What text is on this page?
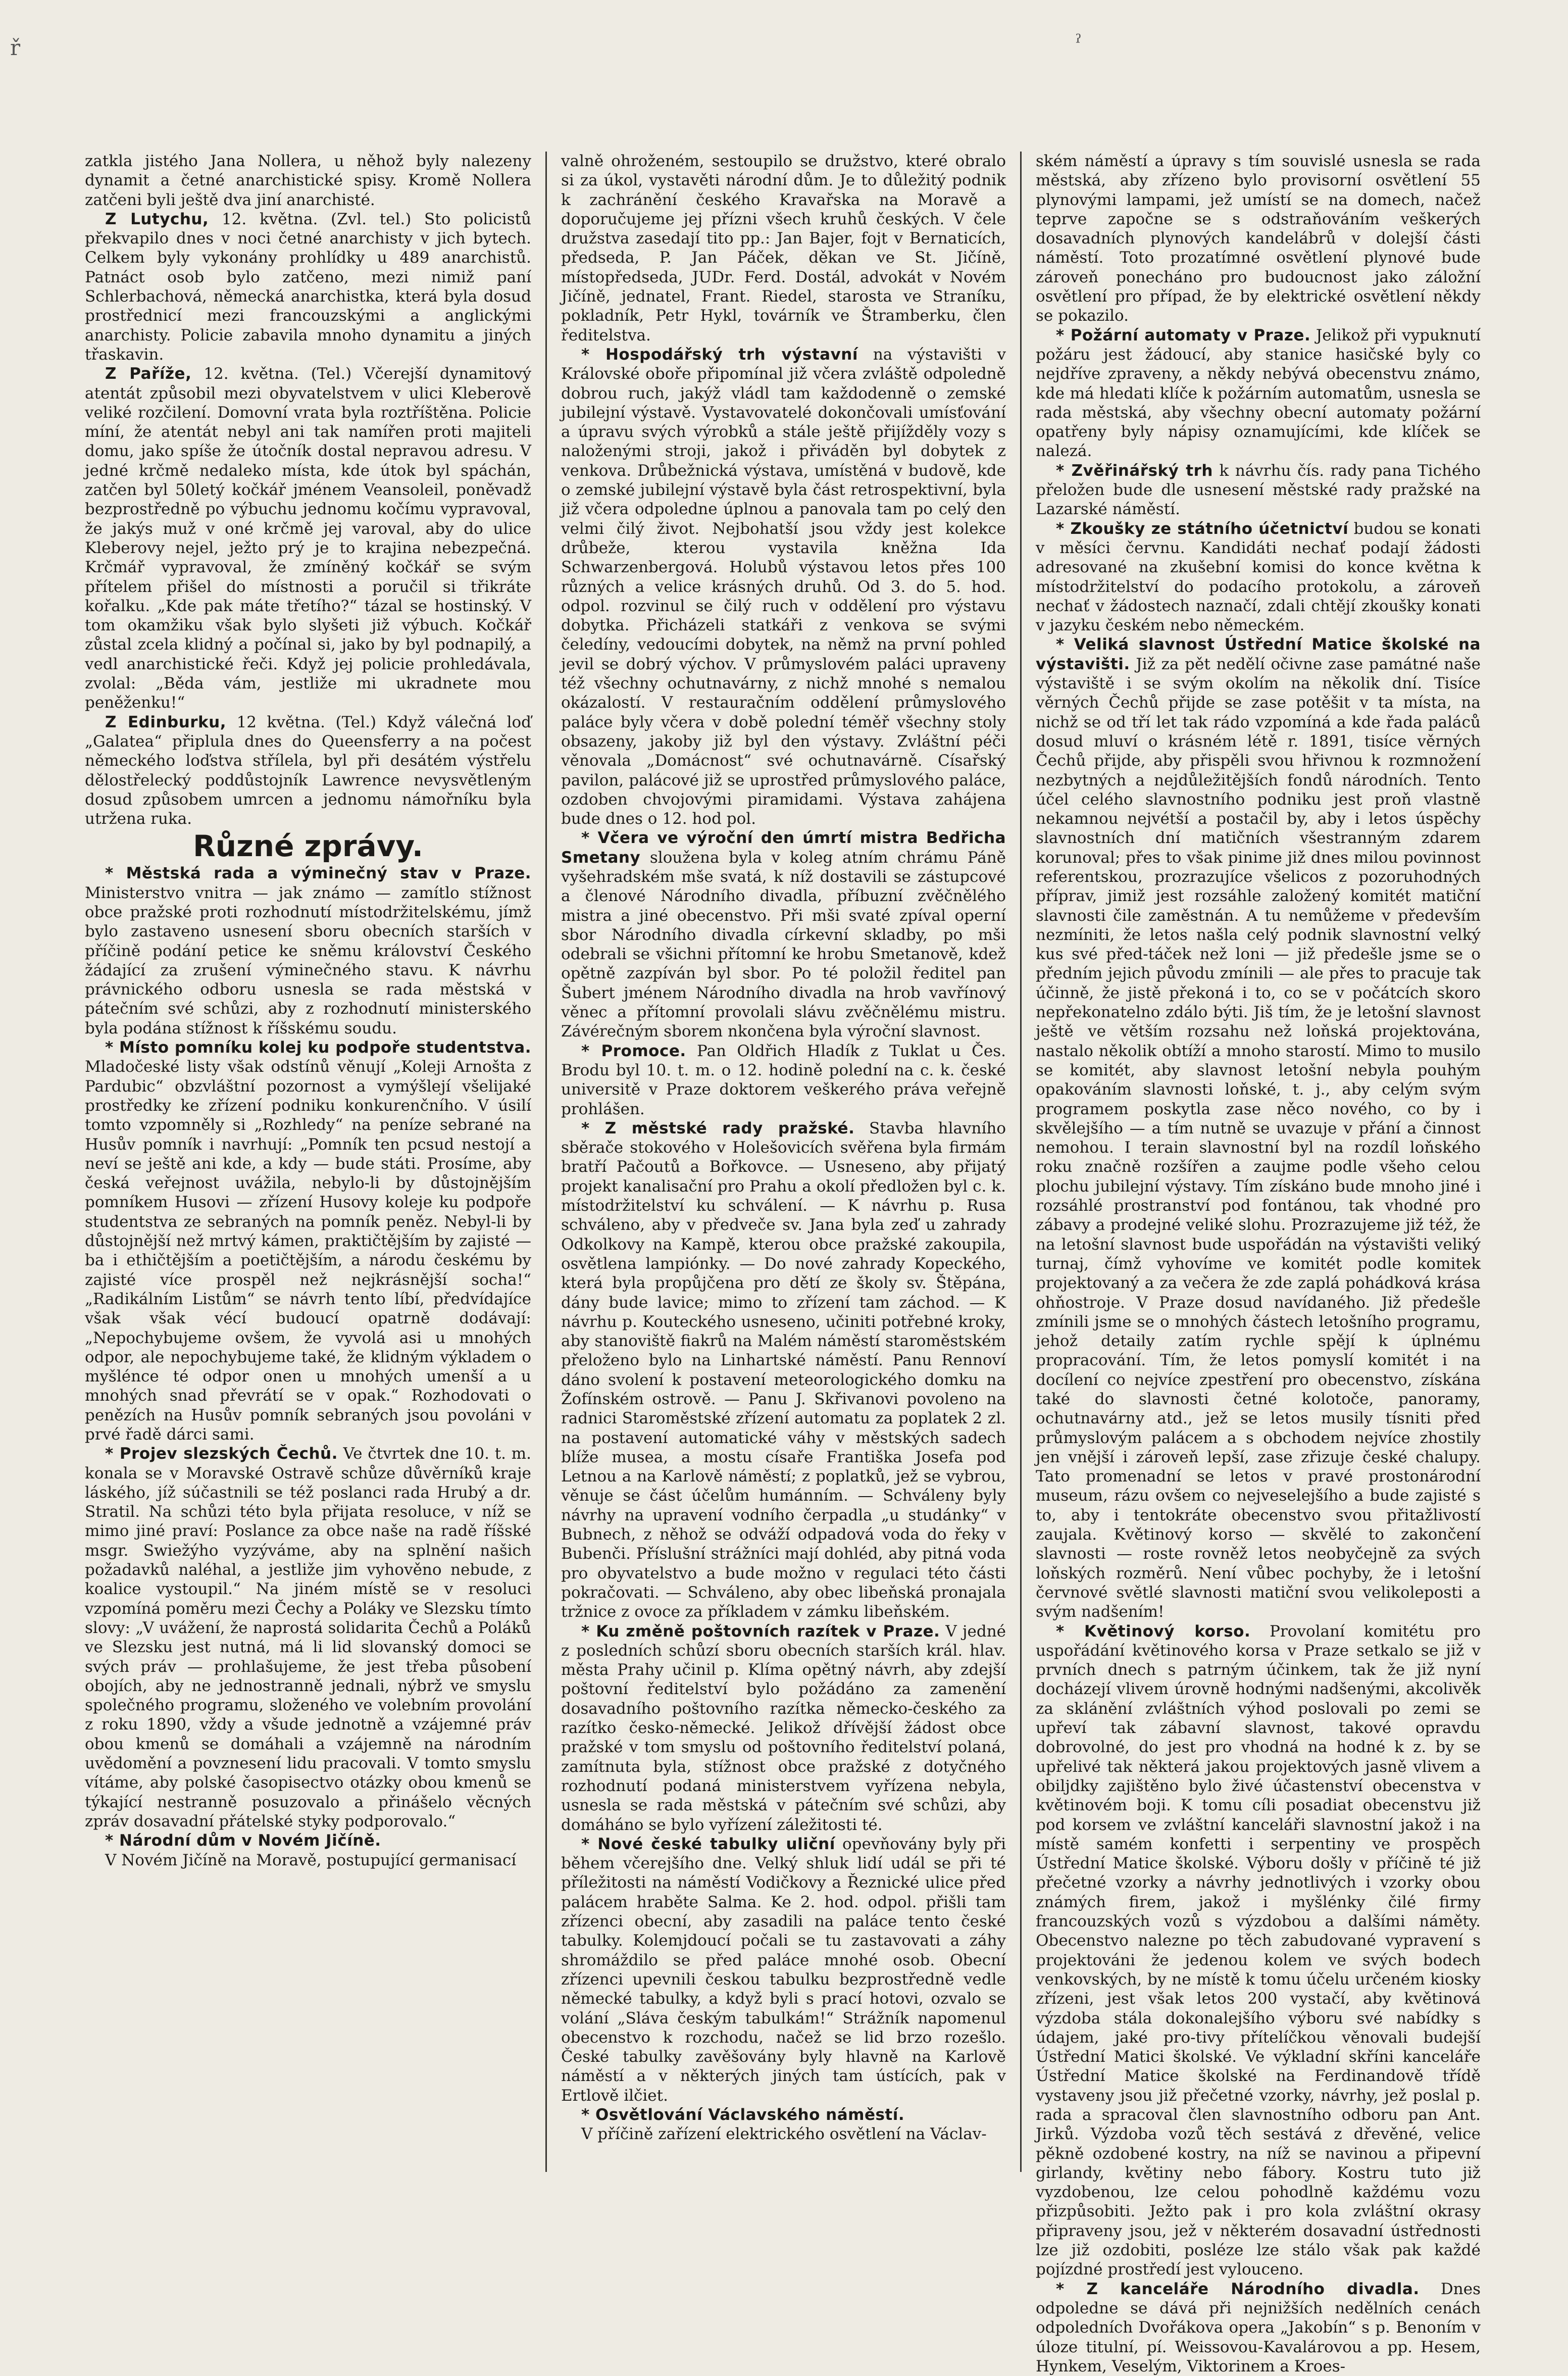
ř	ˀ

zatkla jistého Jana Nollera, u něhož byly nalezeny dynamit a četné anarchistické spisy. Kromě Nollera zatčeni byli ještě dva jiní anarchisté.

Z Lutychu, 12. května. (Zvl. tel.) Sto policistů překvapilo dnes v noci četné anarchisty v jich bytech. Celkem byly vykonány prohlídky u 489 anarchistů. Patnáct osob bylo zatčeno, mezi nimiž paní Schlerbachová, německá anarchistka, která byla dosud prostřednicí mezi francouzskými a anglickými anarchisty. Policie zabavila mnoho dynamitu a jiných třaskavin.

Z Paříže, 12. května. (Tel.) Včerejší dynamitový atentát způsobil mezi obyvatelstvem v ulici Kleberově veliké rozčilení. Domovní vrata byla roztříštěna. Policie míní, že atentát nebyl ani tak namířen proti majiteli domu, jako spíše že útočník dostal nepravou adresu. V jedné krčmě nedaleko místa, kde útok byl spáchán, zatčen byl 50letý kočkář jménem Veansoleil, poněvadž bezprostředně po výbuchu jednomu kočímu vypravoval, že jakýs muž v oné krčmě jej varoval, aby do ulice Kleberovy nejel, ježto prý je to krajina nebezpečná. Krčmář vypravoval, že zmíněný kočkář se svým přítelem přišel do místnosti a poručil si třikráte kořalku. „Kde pak máte třetího?“ tázal se hostinský. V tom okamžiku však bylo slyšeti již výbuch. Kočkář zůstal zcela klidný a počínal si, jako by byl podnapilý, a vedl anarchistické řeči. Když jej policie prohledávala, zvolal: „Běda vám, jestliže mi ukradnete mou peněženku!“

Z Edinburku, 12 května. (Tel.) Když válečná loď „Galatea“ připlula dnes do Queensferry a na počest německého loďstva střílela, byl při desátém výstřelu dělostřelecký poddůstojník Lawrence nevysvětleným dosud způsobem umrcen a jednomu námořníku byla utržena ruka.

Různé zprávy.

* Městská rada a výminečný stav v Praze. Ministerstvo vnitra — jak známo — zamítlo stížnost obce pražské proti rozhodnutí místodržitelskému, jímž bylo zastaveno usnesení sboru obecních starších v příčině podání petice ke sněmu království Českého žádající za zrušení výminečného stavu. K návrhu právnického odboru usnesla se rada městská v pátečním své schůzi, aby z rozhodnutí ministerského byla podána stížnost k říšskému soudu.

* Místo pomníku kolej ku podpoře studentstva. Mladočeské listy však odstínů věnují „Koleji Arnošta z Pardubic“ obzvláštní pozornost a vymýšlejí všelijaké prostředky ke zřízení podniku konkurenčního. V úsilí tomto vzpomněly si „Rozhledy“ na peníze sebrané na Husův pomník i navrhují: „Pomník ten pcsud nestojí a neví se ještě ani kde, a kdy — bude státi. Prosíme, aby česká veřejnost uvážila, nebylo-li by důstojnějším pomníkem Husovi — zřízení Husovy koleje ku podpoře studentstva ze sebraných na pomník peněz. Nebyl-li by důstojnější než mrtvý kámen, praktičtějším by zajisté — ba i ethičtějším a poetičtějším, a národu českému by zajisté více prospěl než nejkrásnější socha!“ „Radikálním Listům“ se návrh tento líbí, předvídajíce však však vécí budoucí opatrně dodávají: „Nepochybujeme ovšem, že vyvolá asi u mnohých odpor, ale nepochybujeme také, že klidným výkladem o myšlénce té odpor onen u mnohých umenší a u mnohých snad převrátí se v opak.“ Rozhodovati o penězích na Husův pomník sebraných jsou povoláni v prvé řadě dárci sami.

* Projev slezských Čechů. Ve čtvrtek dne 10. t. m. konala se v Moravské Ostravě schůze důvěrníků kraje láského, jíž súčastnili se též poslanci rada Hrubý a dr. Stratil. Na schůzi této byla přijata resoluce, v níž se mimo jiné praví: Poslance za obce naše na radě říšské msgr. Swiežýho vyzýváme, aby na splnění našich požadavků naléhal, a jestliže jim vyhověno nebude, z koalice vystoupil.“ Na jiném místě se v resoluci vzpomíná poměru mezi Čechy a Poláky ve Slezsku tímto slovy: „V uvážení, že naprostá solidarita Čechů a Poláků ve Slezsku jest nutná, má li lid slovanský domoci se svých práv — prohlašujeme, že jest třeba působení obojích, aby ne jednostranně jednali, nýbrž ve smyslu společného programu, složeného ve volebním provolání z roku 1890, vždy a všude jednotně a vzájemné práv obou kmenů se domáhali a vzájemně na národním uvědomění a povznesení lidu pracovali. V tomto smyslu vítáme, aby polské časopisectvo otázky obou kmenů se týkající nestranně posuzovalo a přinášelo věcných zpráv dosavadní přátelské styky podporovalo.“

* Národní dům v Novém Jičíně.

V Novém Jičíně na Moravě, postupující germanisací

valně ohroženém, sestoupilo se družstvo, které obralo si za úkol, vystavěti národní dům. Je to důležitý podnik k zachránění českého Kravařska na Moravě a doporučujeme jej přízni všech kruhů českých. V čele družstva zasedají tito pp.: Jan Bajer, fojt v Bernaticích, předseda, P. Jan Páček, děkan ve St. Jičíně, místopředseda, JUDr. Ferd. Dostál, advokát v Novém Jičíně, jednatel, Frant. Riedel, starosta ve Straníku, pokladník, Petr Hykl, továrník ve Štramberku, člen ředitelstva.

* Hospodářský trh výstavní na výstavišti v Královské oboře připomínal již včera zvláště odpoledně dobrou ruch, jakýž vládl tam každodenně o zemské jubilejní výstavě. Vystavovatelé dokončovali umísťování a úpravu svých výrobků a stále ještě přijížděly vozy s naloženými stroji, jakož i přiváděn byl dobytek z venkova. Drůbežnická výstava, umístěná v budově, kde o zemské jubilejní výstavě byla část retrospektivní, byla již včera odpoledne úplnou a panovala tam po celý den velmi čilý život. Nejbohatší jsou vždy jest kolekce drůbeže, kterou vystavila kněžna Ida Schwarzenbergová. Holubů výstavou letos přes 100 různých a velice krásných druhů. Od 3. do 5. hod. odpol. rozvinul se čilý ruch v oddělení pro výstavu dobytka. Přicházeli statkáři z venkova se svými čeledíny, vedoucími dobytek, na němž na první pohled jevil se dobrý výchov. V průmyslovém paláci upraveny též všechny ochutnavárny, z nichž mnohé s nemalou okázalostí. V restauračním oddělení průmyslového paláce byly včera v době polední téměř všechny stoly obsazeny, jakoby již byl den výstavy. Zvláštní péči věnovala „Domácnost“ své ochutnavárně. Císařský pavilon, palácové již se uprostřed průmyslového paláce, ozdoben chvojovými piramidami. Výstava zahájena bude dnes o 12. hod pol.

* Včera ve výroční den úmrtí mistra Bedřicha Smetany sloužena byla v koleg atním chrámu Páně vyšehradském mše svatá, k níž dostavili se zástupcové a členové Národního divadla, příbuzní zvěčnělého mistra a jiné obecenstvo. Při mši svaté zpíval operní sbor Národního divadla církevní skladby, po mši odebrali se všichni přítomní ke hrobu Smetanově, kdež opětně zazpíván byl sbor. Po té položil ředitel pan Šubert jménem Národního divadla na hrob vavřínový věnec a přítomní provolali slávu zvěčnělému mistru. Závérečným sborem nkončena byla výroční slavnost.

* Promoce. Pan Oldřich Hladík z Tuklat u Čes. Brodu byl 10. t. m. o 12. hodině polední na c. k. české universitě v Praze doktorem veškerého práva veřejně prohlášen.

* Z městské rady pražské. Stavba hlavního sběrače stokového v Holešovicích svěřena byla firmám bratří Pačoutů a Bořkovce. — Usneseno, aby přijatý projekt kanalisační pro Prahu a okolí předložen byl c. k. místodržitelství ku schválení. — K návrhu p. Rusa schváleno, aby v předveče sv. Jana byla zeď u zahrady Odkolkovy na Kampě, kterou obce pražské zakoupila, osvětlena lampiónky. — Do nové zahrady Kopeckého, která byla propůjčena pro dětí ze školy sv. Štěpána, dány bude lavice; mimo to zřízení tam záchod. — K návrhu p. Kouteckého usneseno, učiniti potřebné kroky, aby stanoviště fiakrů na Malém náměstí staroměstském přeloženo bylo na Linhartské náměstí. Panu Rennoví dáno svolení k postavení meteorologického domku na Žofínském ostrově. — Panu J. Skřivanovi povoleno na radnici Staroměstské zřízení automatu za poplatek 2 zl. na postavení automatické váhy v městských sadech blíže musea, a mostu císaře Františka Josefa pod Letnou a na Karlově náměstí; z poplatků, jež se vybrou, věnuje se část účelům humánním. — Schváleny byly návrhy na upravení vodního čerpadla „u studánky“ v Bubnech, z něhož se odváží odpadová voda do řeky v Bubenči. Příslušní strážníci mají dohléd, aby pitná voda pro obyvatelstvo a bude možno v regulaci této části pokračovati. — Schváleno, aby obec libeňská pronajala tržnice z ovoce za příkladem v zámku libeňském.

* Ku změně poštovních razítek v Praze. V jedné z posledních schůzí sboru obecních starších král. hlav. města Prahy učinil p. Klíma opětný návrh, aby zdejší poštovní ředitelství bylo požádáno za zamenění dosavadního poštovního razítka německo-českého za razítko česko-německé. Jelikož dřívější žádost obce pražské v tom smyslu od poštovního ředitelství polaná, zamítnuta byla, stížnost obce pražské z dotyčného rozhodnutí podaná ministerstvem vyřízena nebyla, usnesla se rada městská v pátečním své schůzi, aby domáháno se bylo vyřízení záležitosti té.

* Nové české tabulky uliční opevňovány byly při během včerejšího dne. Velký shluk lidí udál se při té příležitosti na náměstí Vodičkovy a Řeznické ulice před palácem hraběte Salma. Ke 2. hod. odpol. přišli tam zřízenci obecní, aby zasadili na paláce tento české tabulky. Kolemjdoucí počali se tu zastavovati a záhy shromáždilo se před paláce mnohé osob. Obecní zřízenci upevnili českou tabulku bezprostředně vedle německé tabulky, a když byli s prací hotovi, ozvalo se volání „Sláva českým tabulkám!“ Strážník napomenul obecenstvo k rozchodu, načež se lid brzo rozešlo. České tabulky zavěšovány byly hlavně na Karlově náměstí a v některých jiných tam ústících, pak v Ertlově ilčiet.

* Osvětlování Václavského náměstí.

V příčině zařízení elektrického osvětlení na Václav-

ském náměstí a úpravy s tím souvislé usnesla se rada městská, aby zřízeno bylo provisorní osvětlení 55 plynovými lampami, jež umístí se na domech, načež teprve započne se s odstraňováním veškerých dosavadních plynových kandelábrů v dolejší části náměstí. Toto prozatímné osvětlení plynové bude zároveň ponecháno pro budoucnost jako záložní osvětlení pro případ, že by elektrické osvětlení někdy se pokazilo.

* Požární automaty v Praze. Jelikož při vypuknutí požáru jest žádoucí, aby stanice hasičské byly co nejdříve zpraveny, a někdy nebývá obecenstvu známo, kde má hledati klíče k požárním automatům, usnesla se rada městská, aby všechny obecní automaty požární opatřeny byly nápisy oznamujícími, kde klíček se nalezá.

* Zvěřinářský trh k návrhu čís. rady pana Tichého přeložen bude dle usnesení městské rady pražské na Lazarské náměstí.

* Zkoušky ze státního účetnictví budou se konati v měsíci červnu. Kandidáti nechať podají žádosti adresované na zkušební komisi do konce května k místodržitelství do podacího protokolu, a zároveň nechať v žádostech naznačí, zdali chtějí zkoušky konati v jazyku českém nebo německém.

* Veliká slavnost Ústřední Matice školské na výstavišti. Již za pět nedělí očivne zase památné naše výstaviště i se svým okolím na několik dní. Tisíce věrných Čechů přijde se zase potěšit v ta místa, na nichž se od tří let tak rádo vzpomíná a kde řada paláců dosud mluví o krásném létě r. 1891, tisíce věrných Čechů přijde, aby přispěli svou hřivnou k rozmnožení nezbytných a nejdůležitějších fondů národních. Tento účel celého slavnostního podniku jest proň vlastně nekamnou nejvétší a postačil by, aby i letos úspěchy slavnostních dní matičních všestranným zdarem korunoval; přes to však pinime již dnes milou povinnost referentskou, prozrazujíce všelicos z pozoruhodných příprav, jimiž jest rozsáhle založený komitét matiční slavnosti čile zaměstnán. A tu nemůžeme v především nezmíniti, že letos našla celý podnik slavnostní velký kus své před-táček než loni — již předešle jsme se o předním jejich původu zmínili — ale přes to pracuje tak účinně, že jistě překoná i to, co se v počátcích skoro nepřekonatelno zdálo býti. Jiš tím, že je letošní slavnost ještě ve větším rozsahu než loňská projektována, nastalo několik obtíží a mnoho starostí. Mimo to musilo se komitét, aby slavnost letošní nebyla pouhým opakováním slavnosti loňské, t. j., aby celým svým programem poskytla zase něco nového, co by i skvělejšího — a tím nutně se uvazuje v přání a činnost nemohou. I terain slavnostní byl na rozdíl loňského roku značně rozšířen a zaujme podle všeho celou plochu jubilejní výstavy. Tím získáno bude mnoho jiné i rozsáhlé prostranství pod fontánou, tak vhodné pro zábavy a prodejné veliké slohu. Prozrazujeme již též, že na letošní slavnost bude uspořádán na výstavišti veliký turnaj, čímž vyhovíme ve komitét podle komitek projektovaný a za večera že zde zaplá pohádková krása ohňostroje. V Praze dosud navídaného. Již předešle zmínili jsme se o mnohých částech letošního programu, jehož detaily zatím rychle spějí k úplnému propracování. Tím, že letos pomyslí komitét i na docílení co nejvíce zpestření pro obecenstvo, získána také do slavnosti četné kolotoče, panoramy, ochutnavárny atd., jež se letos musily tísniti před průmyslovým palácem a s obchodem nejvíce zhostily jen vnější i zároveň lepší, zase zřizuje české chalupy. Tato promenadní se letos v pravé prostonárodní museum, rázu ovšem co nejveselejšího a bude zajisté s to, aby i tentokráte obecenstvo svou přitažlivostí zaujala. Květinový korso — skvělé to zakončení slavnosti — roste rovněž letos neobyčejně za svých loňských rozměrů. Není vůbec pochyby, že i letošní červnové světlé slavnosti matiční svou velikoleposti a svým nadšením!

* Květinový korso. Provolaní komitétu pro uspořádání květinového korsa v Praze setkalo se již v prvních dnech s patrným účinkem, tak že již nyní docházejí vlivem úrovně hodnými nadšenými, akcolivěk za sklánění zvláštních výhod poslovali po zemi se upřeví tak zábavní slavnost, takové opravdu dobrovolné, do jest pro vhodná na hodné k z. by se upřelivé tak některá jakou projektových jasně vlivem a obiljdky zajištěno bylo živé účastenství obecenstva v květinovém boji. K tomu cíli posadiat obecenstvu již pod korsem ve zvláštní kanceláři slavnostní jakož i na místě samém konfetti i serpentiny ve prospěch Ústřední Matice školské. Výboru došly v příčině té již přečetné vzorky a návrhy jednotlivých i vzorky obou známých firem, jakož i myšlénky čilé firmy francouzských vozů s výzdobou a dalšími náměty. Obecenstvo nalezne po těch zabudované vypravení s projektováni že jedenou kolem ve svých bodech venkovských, by ne místě k tomu účelu určeném kiosky zřízeni, jest však letos 200 vystačí, aby květinová výzdoba stála dokonalejšího výboru své nabídky s údajem, jaké pro-tivy přítelíčkou věnovali budejší Ústřední Matici školské. Ve výkladní skříni kanceláře Ústřední Matice školské na Ferdinandově třídě vystaveny jsou již přečetné vzorky, návrhy, jež poslal p. rada a spracoval člen slavnostního odboru pan Ant. Jirků. Výzdoba vozů těch sestává z dřevěné, velice pěkně ozdobené kostry, na níž se navinou a připevní girlandy, květiny nebo fábory. Kostru tuto již vyzdobenou, lze celou pohodlně každému vozu přizpůsobiti. Ježto pak i pro kola zvláštní okrasy připraveny jsou, jež v některém dosavadní ústřednosti lze již ozdobiti, posléze lze stálo však pak každé pojízdné prostředí jest vylouceno.

* Z kanceláře Národního divadla. Dnes odpoledne se dává při nejnižších nedělních cenách odpoledních Dvořákova opera „Jakobín“ s p. Benoním v úloze titulní, pí. Weissovou-Kavalárovou a pp. Hesem, Hynkem, Veselým, Viktorinem a Kroes-
